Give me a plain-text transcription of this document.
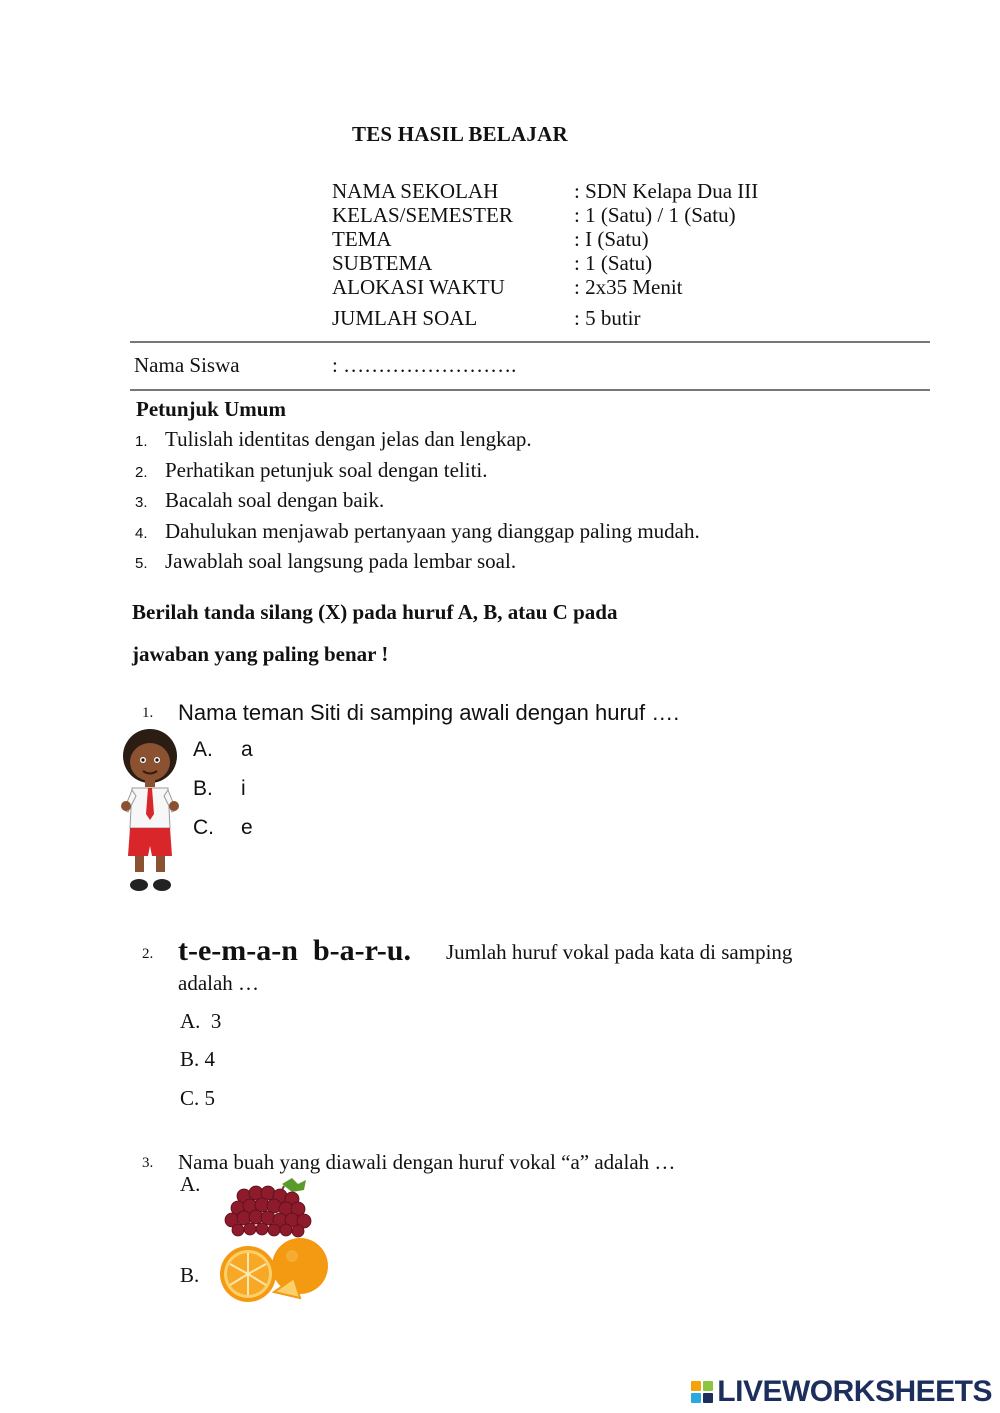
TES HASIL BELAJAR
NAMA SEKOLAH	: SDN Kelapa Dua III
KELAS/SEMESTER	: 1 (Satu) / 1 (Satu)
TEMA	: I (Satu)
SUBTEMA	: 1 (Satu)
ALOKASI WAKTU	: 2x35 Menit
JUMLAH SOAL	: 5 butir
Nama Siswa	: …………………….
Petunjuk Umum
1. Tulislah identitas dengan jelas dan lengkap.
2. Perhatikan petunjuk soal dengan teliti.
3. Bacalah soal dengan baik.
4. Dahulukan menjawab pertanyaan yang dianggap paling mudah.
5. Jawablah soal langsung pada lembar soal.
Berilah tanda silang (X) pada huruf A, B, atau C pada
jawaban yang paling benar !
1. Nama teman Siti di samping awali dengan huruf ….
A. a
B. i
C. e
2. t-e-m-a-n  b-a-r-u. Jumlah huruf vokal pada kata di samping
adalah …
A.  3
B. 4
C. 5
3. Nama buah yang diawali dengan huruf vokal “a” adalah …
A.
B.
LIVEWORKSHEETS
